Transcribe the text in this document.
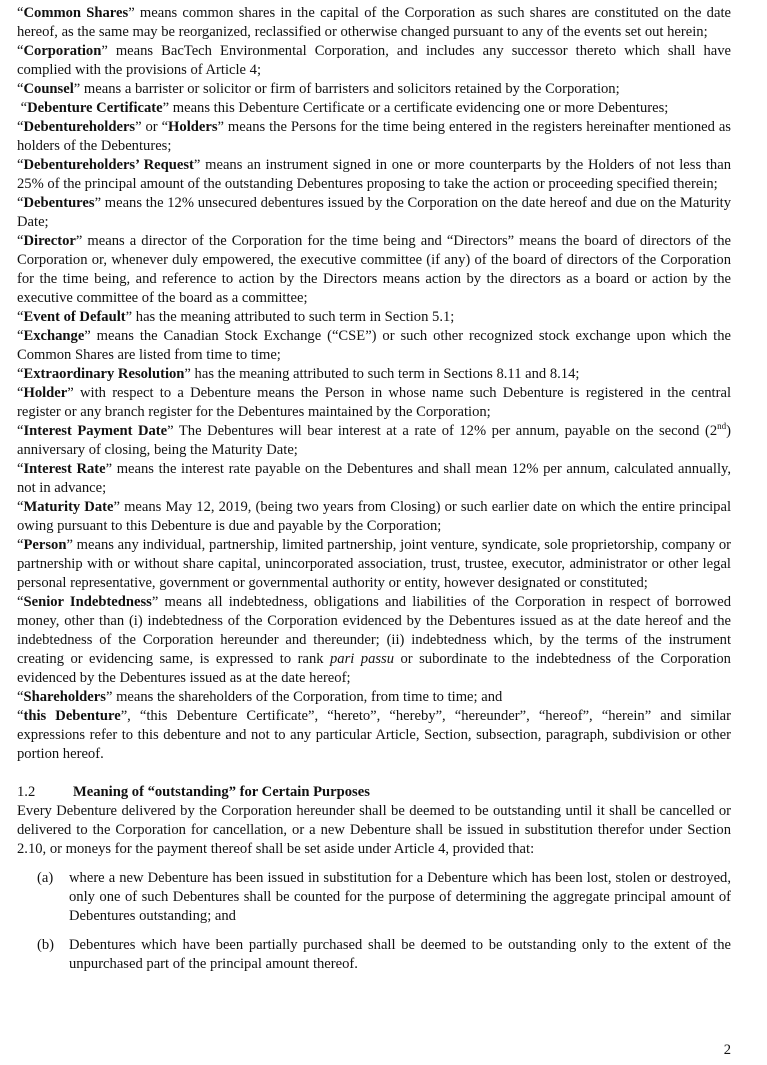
“Common Shares” means common shares in the capital of the Corporation as such shares are constituted on the date hereof, as the same may be reorganized, reclassified or otherwise changed pursuant to any of the events set out herein;
“Corporation” means BacTech Environmental Corporation, and includes any successor thereto which shall have complied with the provisions of Article 4;
“Counsel” means a barrister or solicitor or firm of barristers and solicitors retained by the Corporation;
“Debenture Certificate” means this Debenture Certificate or a certificate evidencing one or more Debentures;
“Debentureholders” or “Holders” means the Persons for the time being entered in the registers hereinafter mentioned as holders of the Debentures;
“Debentureholders’ Request” means an instrument signed in one or more counterparts by the Holders of not less than 25% of the principal amount of the outstanding Debentures proposing to take the action or proceeding specified therein;
“Debentures” means the 12% unsecured debentures issued by the Corporation on the date hereof and due on the Maturity Date;
“Director” means a director of the Corporation for the time being and “Directors” means the board of directors of the Corporation or, whenever duly empowered, the executive committee (if any) of the board of directors of the Corporation for the time being, and reference to action by the Directors means action by the directors as a board or action by the executive committee of the board as a committee;
“Event of Default” has the meaning attributed to such term in Section 5.1;
“Exchange” means the Canadian Stock Exchange (“CSE”) or such other recognized stock exchange upon which the Common Shares are listed from time to time;
“Extraordinary Resolution” has the meaning attributed to such term in Sections 8.11 and 8.14;
“Holder” with respect to a Debenture means the Person in whose name such Debenture is registered in the central register or any branch register for the Debentures maintained by the Corporation;
“Interest Payment Date” The Debentures will bear interest at a rate of 12% per annum, payable on the second (2nd) anniversary of closing, being the Maturity Date;
“Interest Rate” means the interest rate payable on the Debentures and shall mean 12% per annum, calculated annually, not in advance;
“Maturity Date” means May 12, 2019, (being two years from Closing) or such earlier date on which the entire principal owing pursuant to this Debenture is due and payable by the Corporation;
“Person” means any individual, partnership, limited partnership, joint venture, syndicate, sole proprietorship, company or partnership with or without share capital, unincorporated association, trust, trustee, executor, administrator or other legal personal representative, government or governmental authority or entity, however designated or constituted;
“Senior Indebtedness” means all indebtedness, obligations and liabilities of the Corporation in respect of borrowed money, other than (i) indebtedness of the Corporation evidenced by the Debentures issued as at the date hereof and the indebtedness of the Corporation hereunder and thereunder; (ii) indebtedness which, by the terms of the instrument creating or evidencing same, is expressed to rank pari passu or subordinate to the indebtedness of the Corporation evidenced by the Debentures issued as at the date hereof;
“Shareholders” means the shareholders of the Corporation, from time to time; and
“this Debenture”, “this Debenture Certificate”, “hereto”, “hereby”, “hereunder”, “hereof”, “herein” and similar expressions refer to this debenture and not to any particular Article, Section, subsection, paragraph, subdivision or other portion hereof.
1.2	Meaning of “outstanding” for Certain Purposes
Every Debenture delivered by the Corporation hereunder shall be deemed to be outstanding until it shall be cancelled or delivered to the Corporation for cancellation, or a new Debenture shall be issued in substitution therefor under Section 2.10, or moneys for the payment thereof shall be set aside under Article 4, provided that:
(a)	where a new Debenture has been issued in substitution for a Debenture which has been lost, stolen or destroyed, only one of such Debentures shall be counted for the purpose of determining the aggregate principal amount of Debentures outstanding; and
(b)	Debentures which have been partially purchased shall be deemed to be outstanding only to the extent of the unpurchased part of the principal amount thereof.
2
